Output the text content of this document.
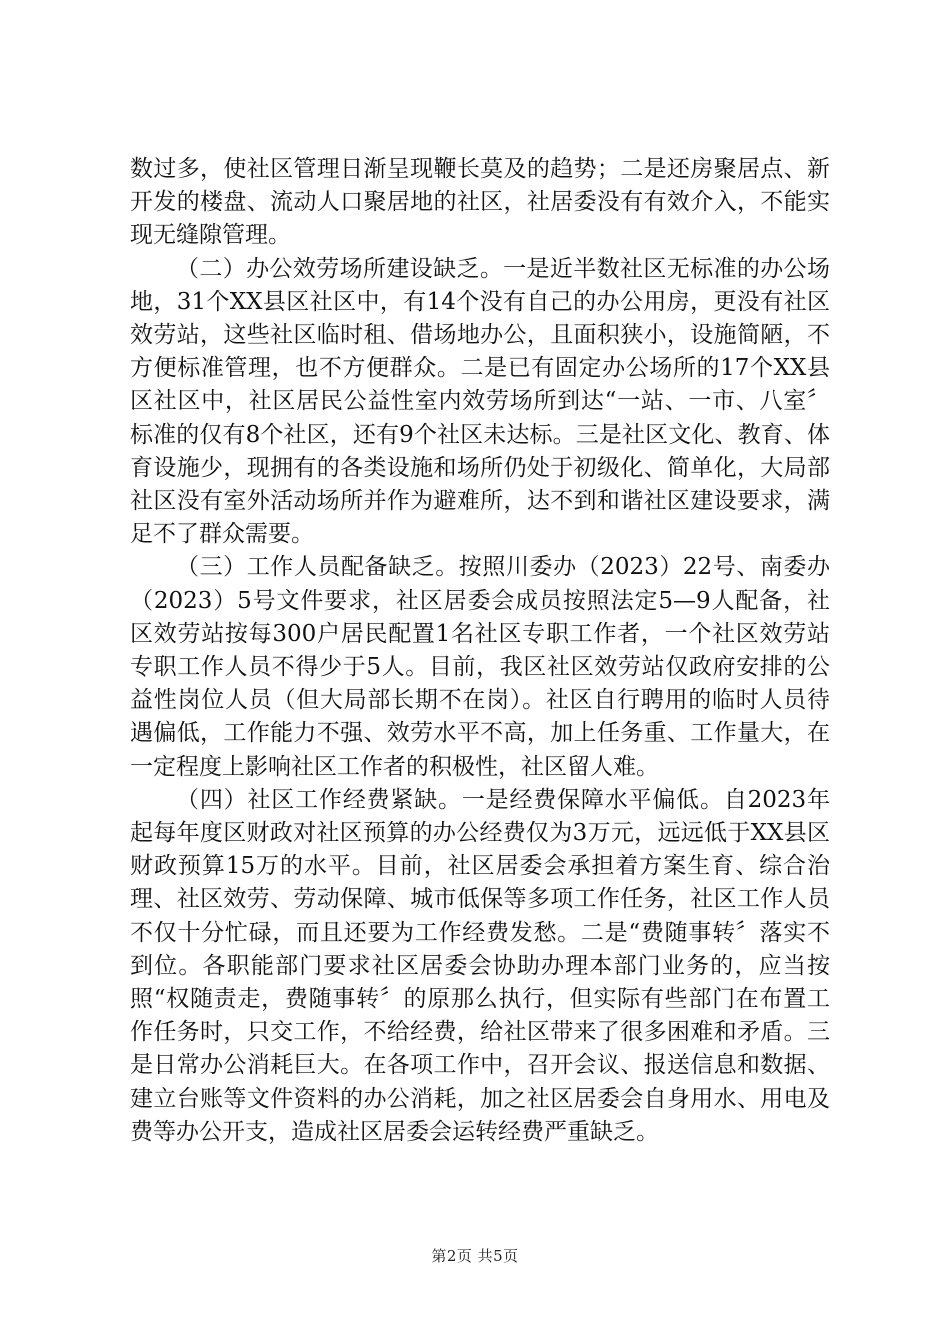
数过多，使社区管理日渐呈现鞭长莫及的趋势；二是还房聚居点、新开发的楼盘、流动人口聚居地的社区，社居委没有有效介入，不能实现无缝隙管理。

（二）办公效劳场所建设缺乏。一是近半数社区无标准的办公场地，31个XX县区社区中，有14个没有自己的办公用房，更没有社区效劳站，这些社区临时租、借场地办公，且面积狭小，设施简陋，不方便标准管理，也不方便群众。二是已有固定办公场所的17个XX县区社区中，社区居民公益性室内效劳场所到达“一站、一市、八室〞标准的仅有8个社区，还有9个社区未达标。三是社区文化、教育、体育设施少，现拥有的各类设施和场所仍处于初级化、简单化，大局部社区没有室外活动场所并作为避难所，达不到和谐社区建设要求，满足不了群众需要。

（三）工作人员配备缺乏。按照川委办（2023）22号、南委办（2023）5号文件要求，社区居委会成员按照法定5—9人配备，社区效劳站按每300户居民配置1名社区专职工作者，一个社区效劳站专职工作人员不得少于5人。目前，我区社区效劳站仅政府安排的公益性岗位人员（但大局部长期不在岗）。社区自行聘用的临时人员待遇偏低，工作能力不强、效劳水平不高，加上任务重、工作量大，在一定程度上影响社区工作者的积极性，社区留人难。

（四）社区工作经费紧缺。一是经费保障水平偏低。自2023年起每年度区财政对社区预算的办公经费仅为3万元，远远低于XX县区财政预算15万的水平。目前，社区居委会承担着方案生育、综合治理、社区效劳、劳动保障、城市低保等多项工作任务，社区工作人员不仅十分忙碌，而且还要为工作经费发愁。二是“费随事转〞落实不到位。各职能部门要求社区居委会协助办理本部门业务的，应当按照“权随责走，费随事转〞的原那么执行，但实际有些部门在布置工作任务时，只交工作，不给经费，给社区带来了很多困难和矛盾。三是日常办公消耗巨大。在各项工作中，召开会议、报送信息和数据、建立台账等文件资料的办公消耗，加之社区居委会自身用水、用电及费等办公开支，造成社区居委会运转经费严重缺乏。

第2页 共5页
